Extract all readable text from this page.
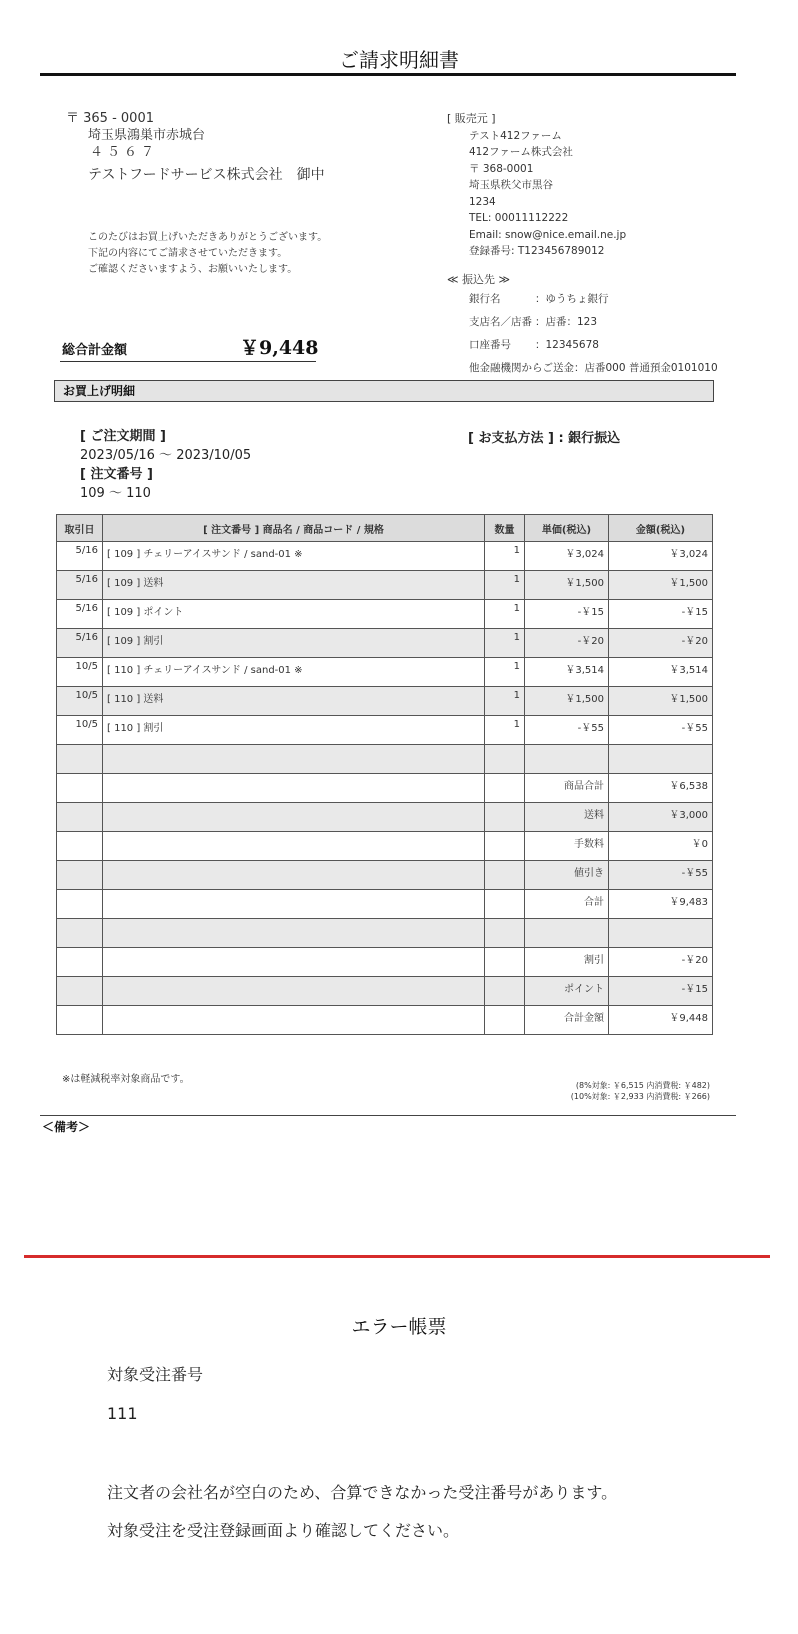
ご請求明細書
〒 365 - 0001
埼玉県鴻巣市赤城台
４５６７
テストフードサービス株式会社　御中
このたびはお買上げいただきありがとうございます。
下記の内容にてご請求させていただきます。
ご確認くださいますよう、お願いいたします。
総合計金額	￥9,448
[ 販売元 ]
テスト412ファーム
412ファーム株式会社
〒 368-0001
埼玉県秩父市黒谷
1234
TEL: 00011112222
Email: snow@nice.email.ne.jp
登録番号: T123456789012
≪ 振込先 ≫
銀行名	：ゆうちょ銀行
支店名／店番 ：店番：123
口座番号 ：12345678
他金融機関からご送金：店番000 普通預金0101010
お買上げ明細
[ ご注文期間 ]
2023/05/16 ～ 2023/10/05
[ 注文番号 ]
109 ～ 110
[ お支払方法 ] : 銀行振込
取引日	[ 注文番号 ] 商品名 / 商品コード / 規格	数量	単価(税込)	金額(税込)
5/16	[ 109 ] チェリーアイスサンド / sand-01 ※	1	￥3,024	￥3,024
5/16	[ 109 ] 送料	1	￥1,500	￥1,500
5/16	[ 109 ] ポイント	1	-￥15	-￥15
5/16	[ 109 ] 割引	1	-￥20	-￥20
10/5	[ 110 ] チェリーアイスサンド / sand-01 ※	1	￥3,514	￥3,514
10/5	[ 110 ] 送料	1	￥1,500	￥1,500
10/5	[ 110 ] 割引	1	-￥55	-￥55

			商品合計	￥6,538
			送料	￥3,000
			手数料	￥0
			値引き	-￥55
			合計	￥9,483

			割引	-￥20
			ポイント	-￥15
			合計金額	￥9,448
※は軽減税率対象商品です。
(8%対象: ￥6,515 内消費税: ￥482)
(10%対象: ￥2,933 内消費税: ￥266)
＜備考＞
エラー帳票
対象受注番号
111
注文者の会社名が空白のため、合算できなかった受注番号があります。
対象受注を受注登録画面より確認してください。
